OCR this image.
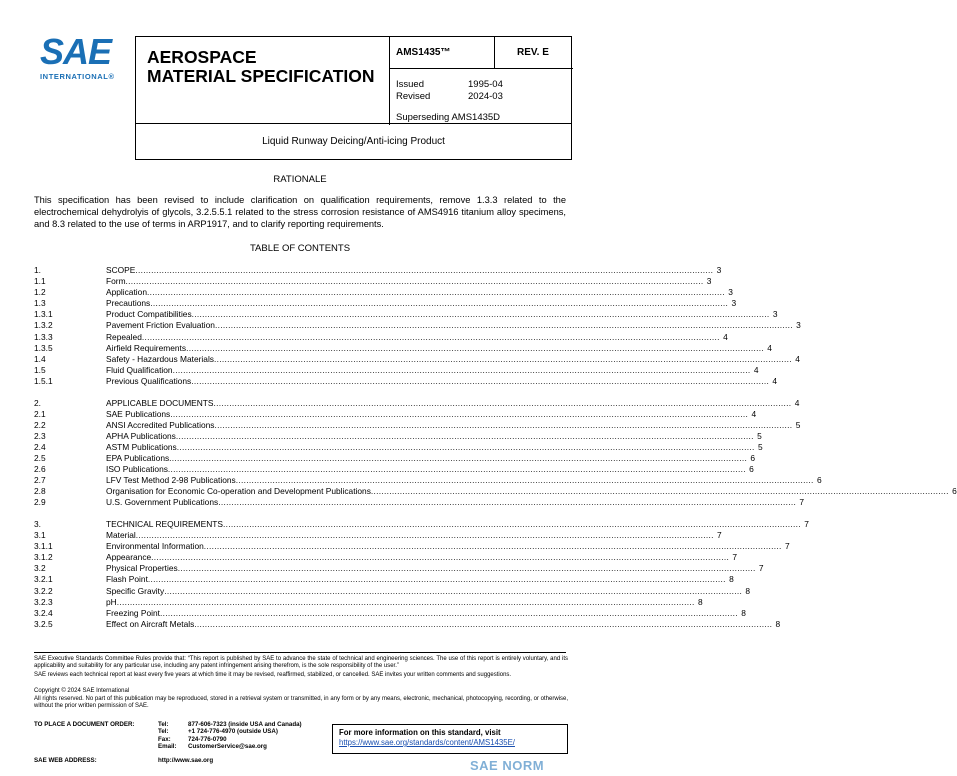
SAE
INTERNATIONAL®
AEROSPACE
MATERIAL SPECIFICATION
AMS1435™	REV. E
Issued	1995-04
Revised	2024-03
Superseding AMS1435D
Liquid Runway Deicing/Anti-icing Product
RATIONALE
This specification has been revised to include clarification on qualification requirements, remove 1.3.3 related to the electrochemical dehydrolyis of glycols, 3.2.5.5.1 related to the stress corrosion resistance of AMS4916 titanium alloy specimens, and 8.3 related to the use of terms in ARP1917, and to clarify reporting requirements.
TABLE OF CONTENTS
1.	SCOPE ............................................................................................................................................................................................................................ 3
1.1	Form ............................................................................................................................................................................................................................ 3
1.2	Application ............................................................................................................................................................................................................................ 3
1.3	Precautions ............................................................................................................................................................................................................................ 3
1.3.1	Product Compatibilities ............................................................................................................................................................................................................................ 3
1.3.2	Pavement Friction Evaluation ............................................................................................................................................................................................................................ 3
1.3.3	Repealed ............................................................................................................................................................................................................................ 4
1.3.5	Airfield Requirements ............................................................................................................................................................................................................................ 4
1.4	Safety - Hazardous Materials ............................................................................................................................................................................................................................ 4
1.5	Fluid Qualification ............................................................................................................................................................................................................................ 4
1.5.1	Previous Qualifications ............................................................................................................................................................................................................................ 4
2.	APPLICABLE DOCUMENTS ............................................................................................................................................................................................................................ 4
2.1	SAE Publications ............................................................................................................................................................................................................................ 4
2.2	ANSI Accredited Publications ............................................................................................................................................................................................................................ 5
2.3	APHA Publications ............................................................................................................................................................................................................................ 5
2.4	ASTM Publications ............................................................................................................................................................................................................................ 5
2.5	EPA Publications ............................................................................................................................................................................................................................ 6
2.6	ISO Publications ............................................................................................................................................................................................................................ 6
2.7	LFV Test Method 2-98 Publications ............................................................................................................................................................................................................................ 6
2.8	Organisation for Economic Co-operation and Development Publications ............................................................................................................................................................................................................................ 6
2.9	U.S. Government Publications ............................................................................................................................................................................................................................ 7
3.	TECHNICAL REQUIREMENTS ............................................................................................................................................................................................................................ 7
3.1	Material ............................................................................................................................................................................................................................ 7
3.1.1	Environmental Information ............................................................................................................................................................................................................................ 7
3.1.2	Appearance ............................................................................................................................................................................................................................ 7
3.2	Physical Properties ............................................................................................................................................................................................................................ 7
3.2.1	Flash Point ............................................................................................................................................................................................................................ 8
3.2.2	Specific Gravity ............................................................................................................................................................................................................................ 8
3.2.3	pH ............................................................................................................................................................................................................................ 8
3.2.4	Freezing Point ............................................................................................................................................................................................................................ 8
3.2.5	Effect on Aircraft Metals ............................................................................................................................................................................................................................ 8
SAE Executive Standards Committee Rules provide that: “This report is published by SAE to advance the state of technical and engineering sciences. The use of this report is entirely voluntary, and its applicability and suitability for any particular use, including any patent infringement arising therefrom, is the sole responsibility of the user.”
SAE reviews each technical report at least every five years at which time it may be revised, reaffirmed, stabilized, or cancelled. SAE invites your written comments and suggestions.
Copyright © 2024 SAE International
All rights reserved. No part of this publication may be reproduced, stored in a retrieval system or transmitted, in any form or by any means, electronic, mechanical, photocopying, recording, or otherwise, without the prior written permission of SAE.
TO PLACE A DOCUMENT ORDER:	Tel:	877-606-7323 (inside USA and Canada)
Tel:	+1 724-776-4970 (outside USA)
Fax:	724-776-0790
Email:	CustomerService@sae.org
SAE WEB ADDRESS:	http://www.sae.org
For more information on this standard, visit
https://www.sae.org/standards/content/AMS1435E/
SAE NORM
